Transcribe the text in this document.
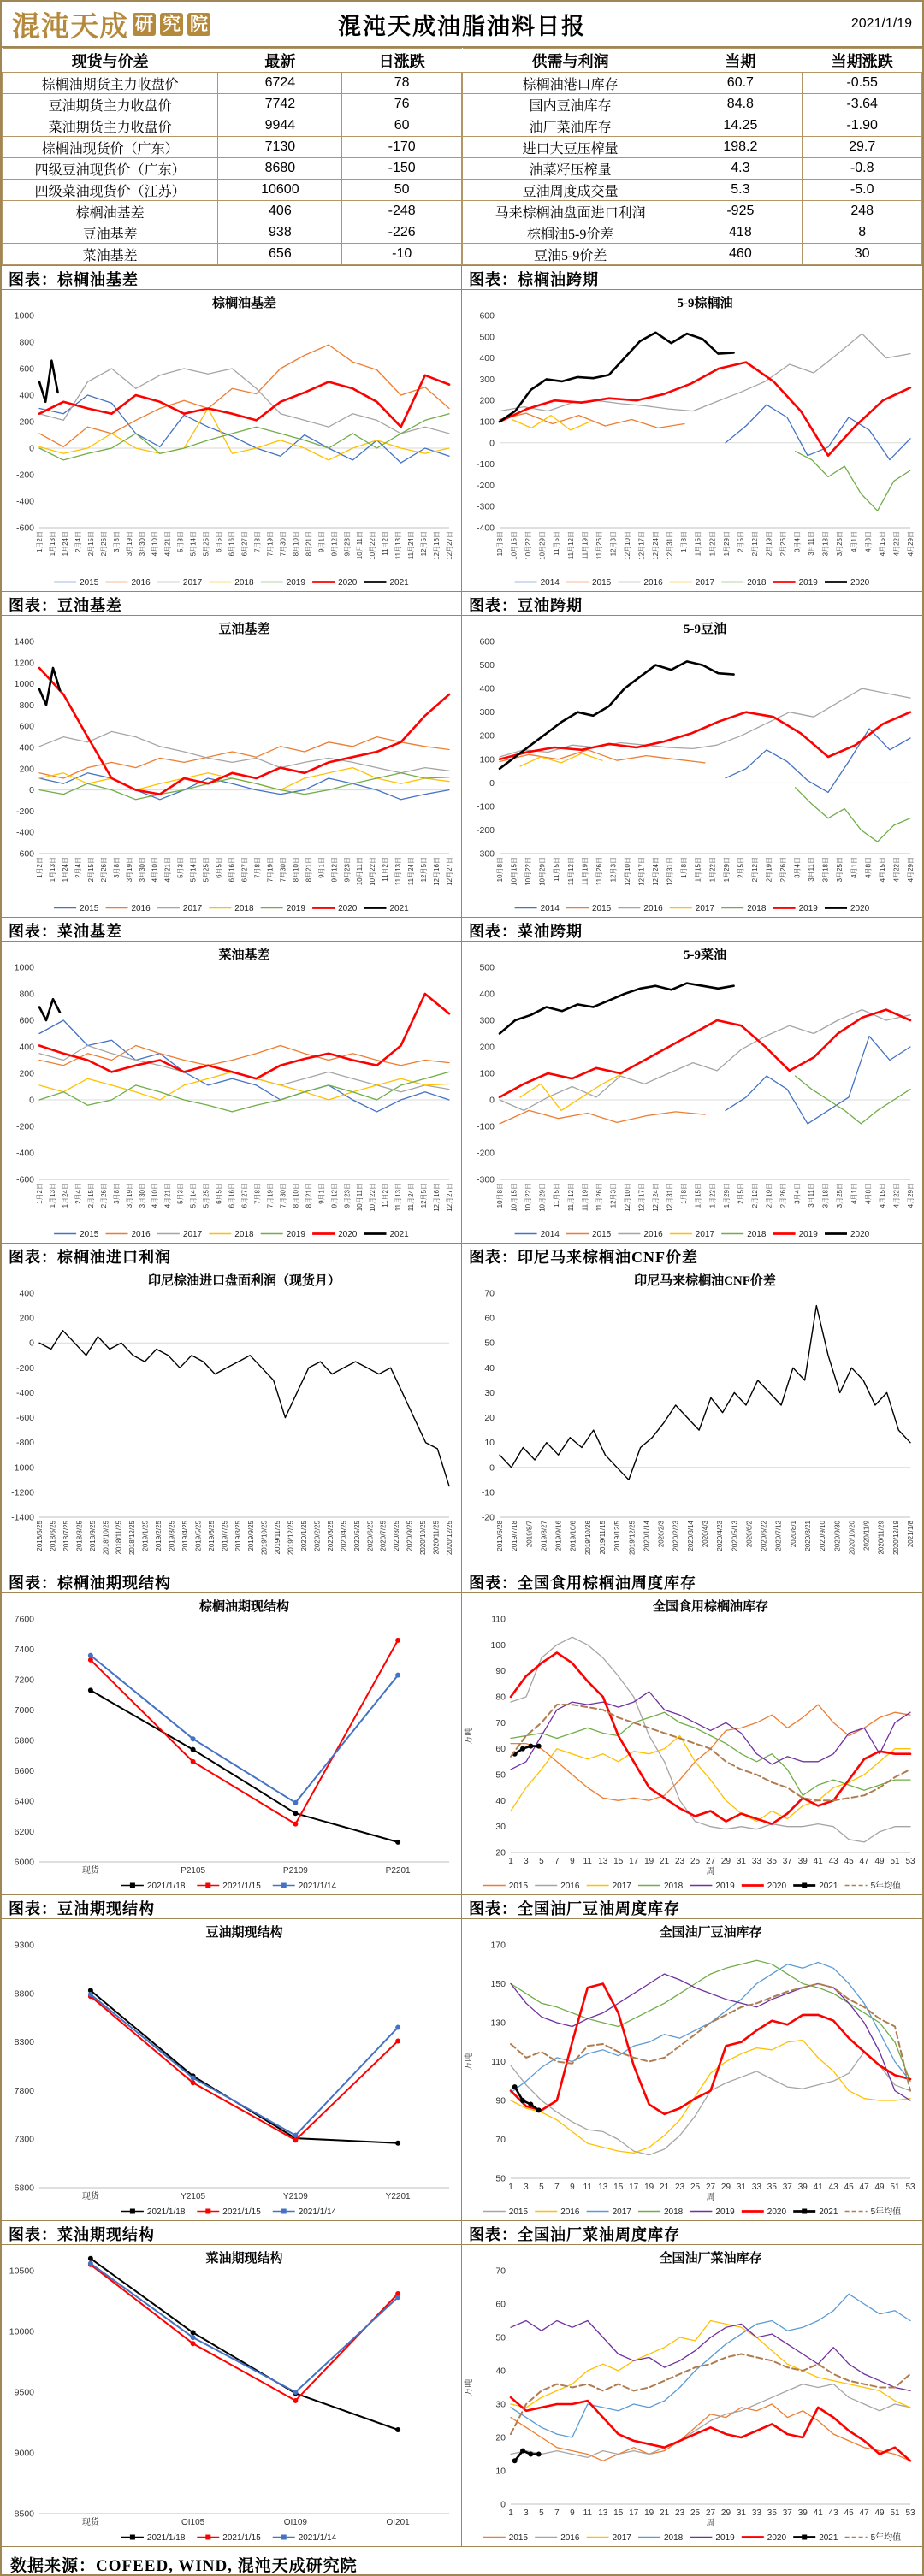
混沌天成 研 究 院	混沌天成油脂油料日报	2021/1/19
现货与价差	最新	日涨跌
棕榈油期货主力收盘价	6724	78
豆油期货主力收盘价	7742	76
菜油期货主力收盘价	9944	60
棕榈油现货价（广东）	7130	-170
四级豆油现货价（广东）	8680	-150
四级菜油现货价（江苏）	10600	50
棕榈油基差	406	-248
豆油基差	938	-226
菜油基差	656	-10
供需与利润	当期	当期涨跌
棕榈油港口库存	60.7	-0.55
国内豆油库存	84.8	-3.64
油厂菜油库存	14.25	-1.90
进口大豆压榨量	198.2	29.7
油菜籽压榨量	4.3	-0.8
豆油周度成交量	5.3	-5.0
马来棕榈油盘面进口利润	-925	248
棕榈油5-9价差	418	8
豆油5-9价差	460	30
图表：棕榈油基差
棕榈油基差
-600
-400
-200
0
200
400
600
800
1000
1月2日 1月13日 1月24日 2月4日 2月15日 2月26日 3月8日 3月19日 3月30日 4月10日 4月21日 5月3日 5月14日 5月25日 6月5日 6月16日 6月27日 7月8日 7月19日 7月30日 8月10日 8月21日 9月1日 9月12日 9月23日 10月11日 10月22日 11月2日 11月13日 11月24日 12月5日 12月16日 12月27日
2015	2016	2017	2018	2019	2020	2021
图表：棕榈油跨期
5-9棕榈油
-400
-300
-200
-100
0
100
200
300
400
500
600
10月8日 10月15日 10月22日 10月29日 11月5日 11月12日 11月19日 11月26日 12月3日 12月10日 12月17日 12月24日 12月31日 1月8日 1月15日 1月22日 1月29日 2月5日 2月12日 2月19日 2月26日 3月4日 3月11日 3月18日 3月25日 4月1日 4月8日 4月15日 4月22日 4月29日
2014	2015	2016	2017	2018	2019	2020
图表：豆油基差
豆油基差
-600
-400
-200
0
200
400
600
800
1000
1200
1400
1月2日 1月13日 1月24日 2月4日 2月15日 2月26日 3月8日 3月19日 3月30日 4月10日 4月21日 5月3日 5月14日 5月25日 6月5日 6月16日 6月27日 7月8日 7月19日 7月30日 8月10日 8月21日 9月1日 9月12日 9月23日 10月11日 10月22日 11月2日 11月13日 11月24日 12月5日 12月16日 12月27日
2015	2016	2017	2018	2019	2020	2021
图表：豆油跨期
5-9豆油
-300
-200
-100
0
100
200
300
400
500
600
10月8日 10月15日 10月22日 10月29日 11月5日 11月12日 11月19日 11月26日 12月3日 12月10日 12月17日 12月24日 12月31日 1月8日 1月15日 1月22日 1月29日 2月5日 2月12日 2月19日 2月26日 3月4日 3月11日 3月18日 3月25日 4月1日 4月8日 4月15日 4月22日 4月29日
2014	2015	2016	2017	2018	2019	2020
图表：菜油基差
菜油基差
-600
-400
-200
0
200
400
600
800
1000
1月2日 1月13日 1月24日 2月4日 2月15日 2月26日 3月8日 3月19日 3月30日 4月10日 4月21日 5月3日 5月14日 5月25日 6月5日 6月16日 6月27日 7月8日 7月19日 7月30日 8月10日 8月21日 9月1日 9月12日 9月23日 10月11日 10月22日 11月2日 11月13日 11月24日 12月5日 12月16日 12月27日
2015	2016	2017	2018	2019	2020	2021
图表：菜油跨期
5-9菜油
-300
-200
-100
0
100
200
300
400
500
10月8日 10月15日 10月22日 10月29日 11月5日 11月12日 11月19日 11月26日 12月3日 12月10日 12月17日 12月24日 12月31日 1月8日 1月15日 1月22日 1月29日 2月5日 2月12日 2月19日 2月26日 3月4日 3月11日 3月18日 3月25日 4月1日 4月8日 4月15日 4月22日 4月29日
2014	2015	2016	2017	2018	2019	2020
图表：棕榈油进口利润
印尼棕油进口盘面利润（现货月）
-1400
-1200
-1000
-800
-600
-400
-200
0
200
400
2018/5/25 2018/6/25 2018/7/25 2018/8/25 2018/9/25 2018/10/25 2018/11/25 2018/12/25 2019/1/25 2019/2/25 2019/3/25 2019/4/25 2019/5/25 2019/6/25 2019/7/25 2019/8/25 2019/9/25 2019/10/25 2019/11/25 2019/12/25 2020/1/25 2020/2/25 2020/3/25 2020/4/25 2020/5/25 2020/6/25 2020/7/25 2020/8/25 2020/9/25 2020/10/25 2020/11/25 2020/12/25
图表：印尼马来棕榈油CNF价差
印尼马来棕榈油CNF价差
-20
-10
0
10
20
30
40
50
60
70
2019/6/28 2019/7/18 2019/8/7 2019/8/27 2019/9/16 2019/10/6 2019/10/26 2019/11/15 2019/12/5 2019/12/25 2020/1/14 2020/2/3 2020/2/23 2020/3/14 2020/4/3 2020/4/23 2020/5/13 2020/6/2 2020/6/22 2020/7/12 2020/8/1 2020/8/21 2020/9/10 2020/9/30 2020/10/20 2020/11/9 2020/11/29 2020/12/19 2021/1/8
图表：棕榈油期现结构
棕榈油期现结构
6000
6200
6400
6600
6800
7000
7200
7400
7600
现货	P2105	P2109	P2201
2021/1/18	2021/1/15	2021/1/14
图表：全国食用棕榈油周度库存
全国食用棕榈油库存
20
30
40
50
60
70
80
90
100
110
1 3 5 7 9 11 13 15 17 19 21 23 25 27 29 31 33 35 37 39 41 43 45 47 49 51 53
周
万吨
2015	2016	2017	2018	2019	2020	2021	5年均值
图表：豆油期现结构
豆油期现结构
6800
7300
7800
8300
8800
9300
现货	Y2105	Y2109	Y2201
2021/1/18	2021/1/15	2021/1/14
图表：全国油厂豆油周度库存
全国油厂豆油库存
50
70
90
110
130
150
170
1 3 5 7 9 11 13 15 17 19 21 23 25 27 29 31 33 35 37 39 41 43 45 47 49 51 53
周
万吨
2015	2016	2017	2018	2019	2020	2021	5年均值
图表：菜油期现结构
菜油期现结构
8500
9000
9500
10000
10500
现货	OI105	OI109	OI201
2021/1/18	2021/1/15	2021/1/14
图表：全国油厂菜油周度库存
全国油厂菜油库存
0
10
20
30
40
50
60
70
1 3 5 7 9 11 13 15 17 19 21 23 25 27 29 31 33 35 37 39 41 43 45 47 49 51 53
周
万吨
2015	2016	2017	2018	2019	2020	2021	5年均值
数据来源：COFEED, WIND, 混沌天成研究院
